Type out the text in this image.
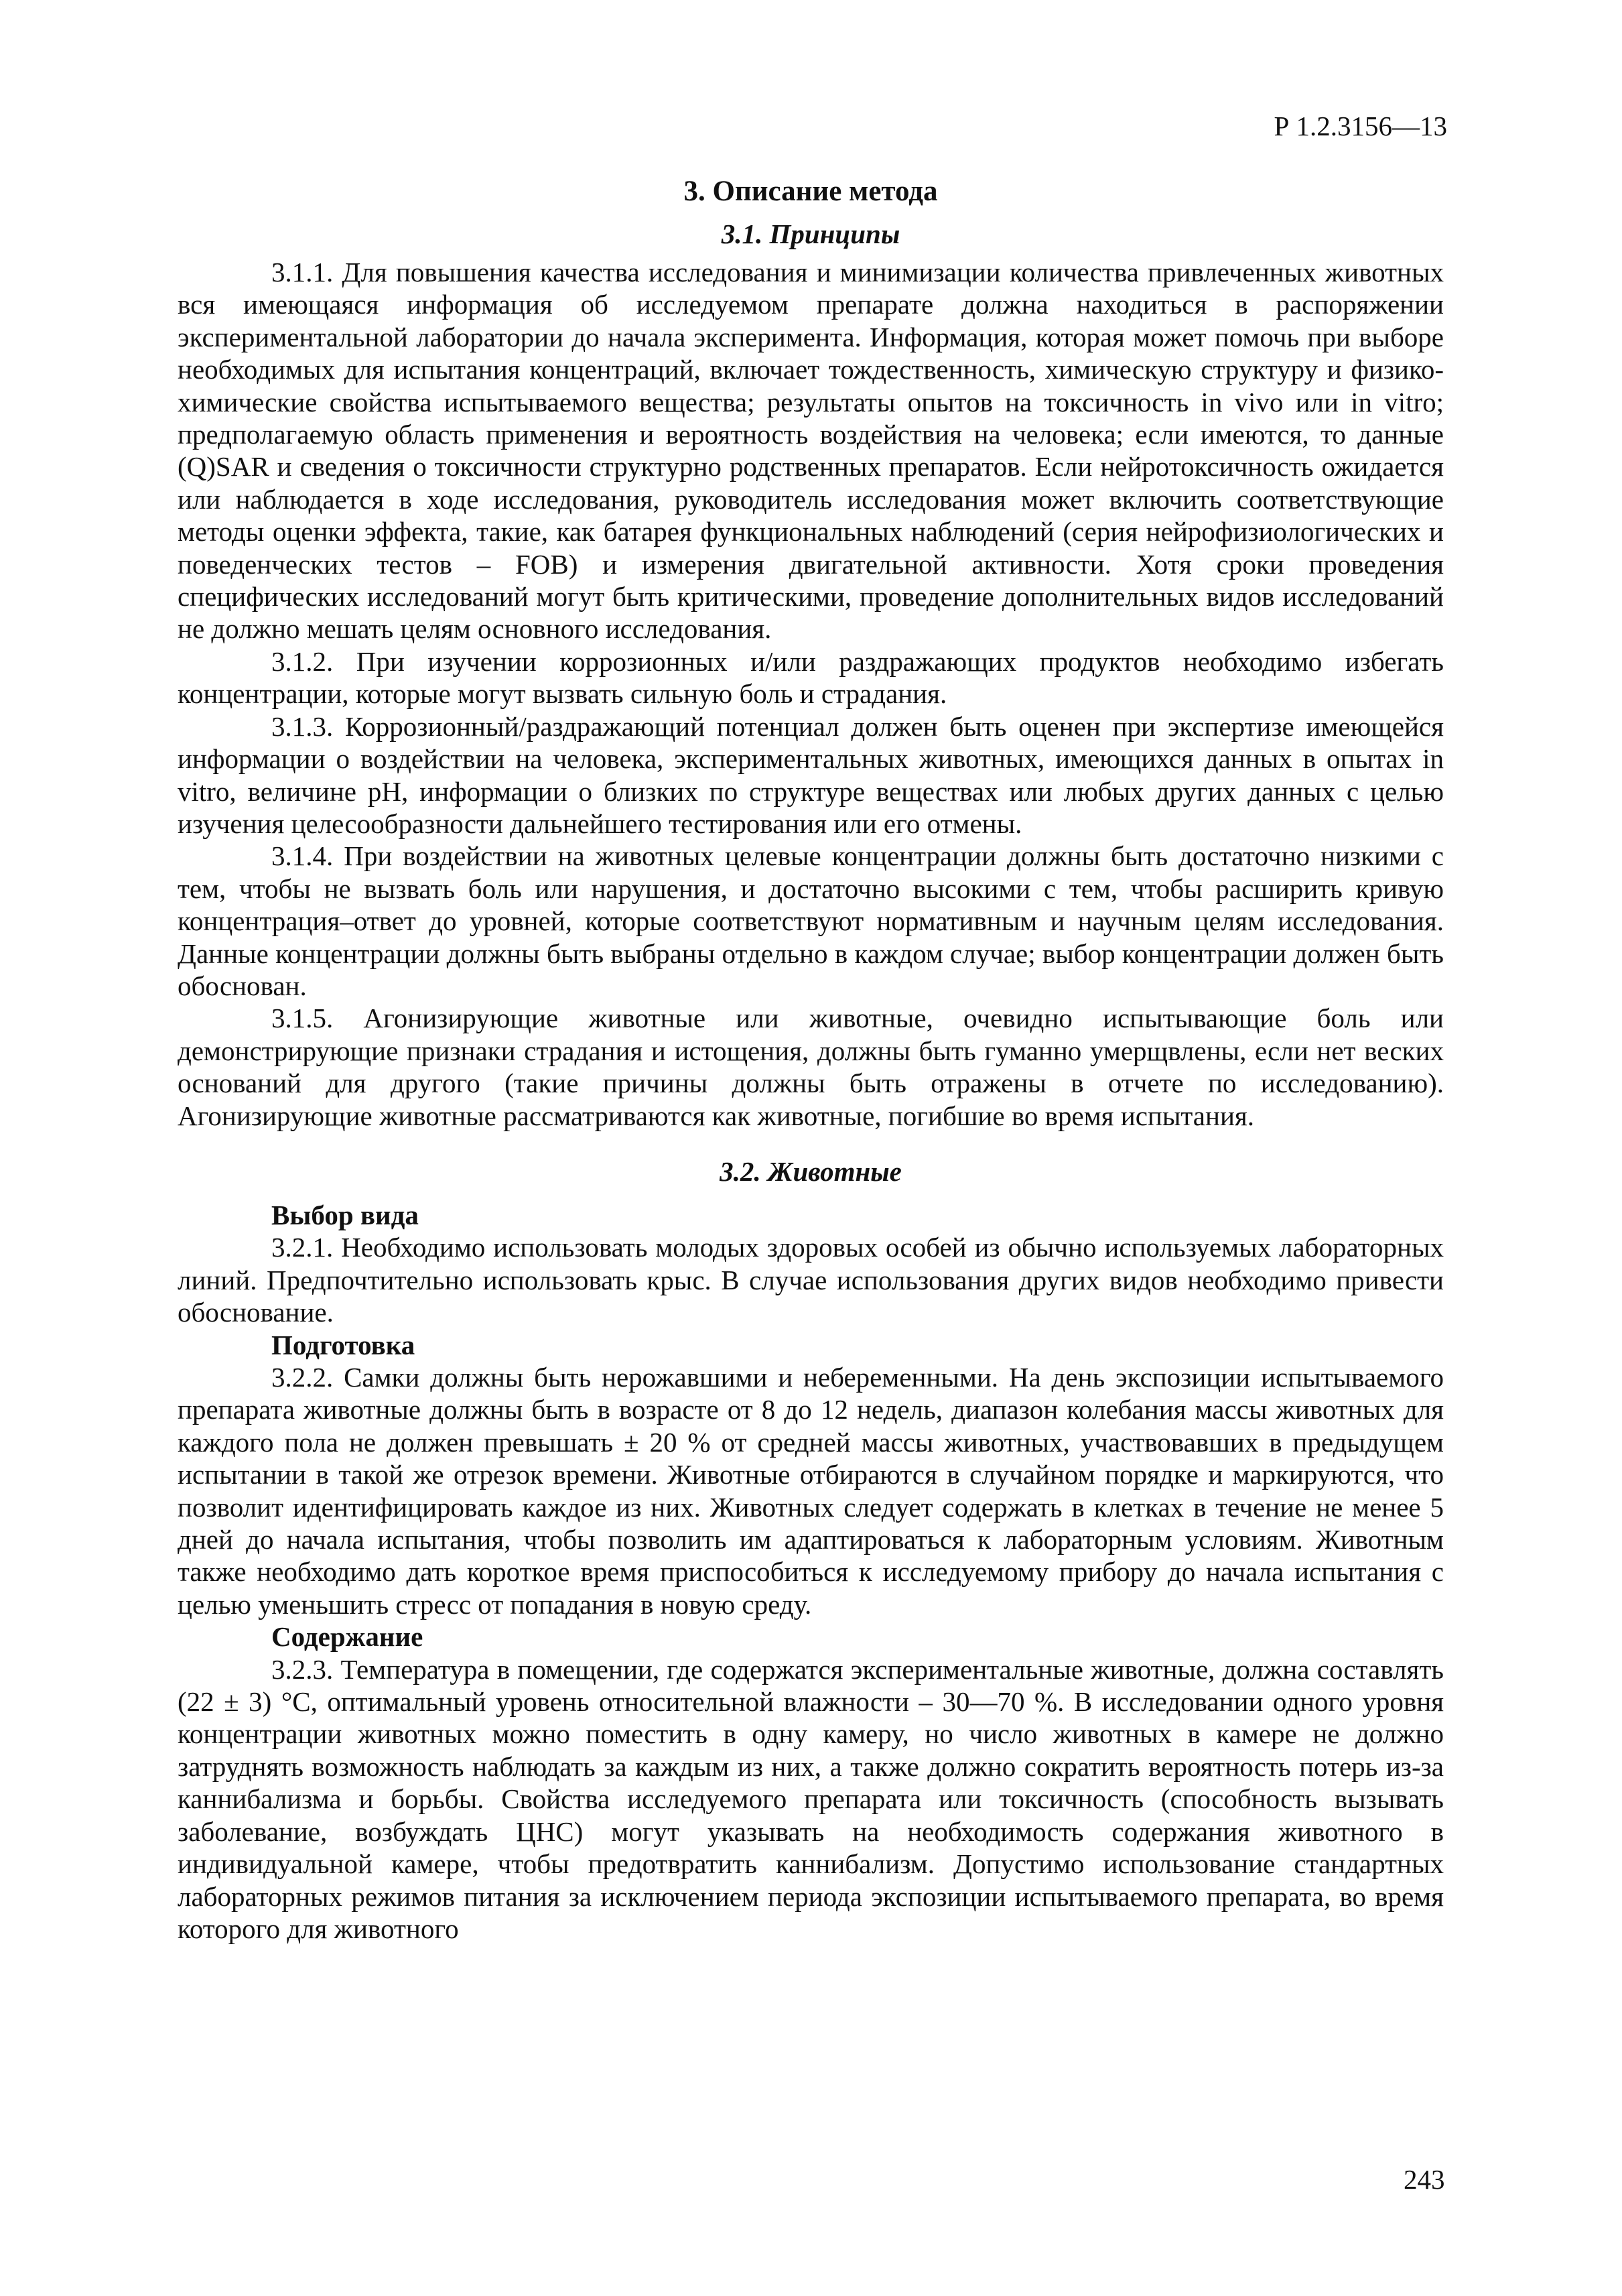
Р 1.2.3156—13
3. Описание метода
3.1. Принципы

3.1.1. Для повышения качества исследования и минимизации количества привлеченных животных вся имеющаяся информация об исследуемом препарате должна находиться в распоряжении экспериментальной лаборатории до начала эксперимента. Информация, которая может помочь при выборе необходимых для испытания концентраций, включает тождественность, химическую структуру и физико-химические свойства испытываемого вещества; результаты опытов на токсичность in vivo или in vitro; предполагаемую область применения и вероятность воздействия на человека; если имеются, то данные (Q)SAR и сведения о токсичности структурно родственных препаратов. Если нейротоксичность ожидается или наблюдается в ходе исследования, руководитель исследования может включить соответствующие методы оценки эффекта, такие, как батарея функциональных наблюдений (серия нейрофизиологических и поведенческих тестов – FOB) и измерения двигательной активности. Хотя сроки проведения специфических исследований могут быть критическими, проведение дополнительных видов исследований не должно мешать целям основного исследования.

3.1.2. При изучении коррозионных и/или раздражающих продуктов необходимо избегать концентрации, которые могут вызвать сильную боль и страдания.

3.1.3. Коррозионный/раздражающий потенциал должен быть оценен при экспертизе имеющейся информации о воздействии на человека, экспериментальных животных, имеющихся данных в опытах in vitro, величине pH, информации о близких по структуре веществах или любых других данных с целью изучения целесообразности дальнейшего тестирования или его отмены.

3.1.4. При воздействии на животных целевые концентрации должны быть достаточно низкими с тем, чтобы не вызвать боль или нарушения, и достаточно высокими с тем, чтобы расширить кривую концентрация–ответ до уровней, которые соответствуют нормативным и научным целям исследования. Данные концентрации должны быть выбраны отдельно в каждом случае; выбор концентрации должен быть обоснован.

3.1.5. Агонизирующие животные или животные, очевидно испытывающие боль или демонстрирующие признаки страдания и истощения, должны быть гуманно умерщвлены, если нет веских оснований для другого (такие причины должны быть отражены в отчете по исследованию). Агонизирующие животные рассматриваются как животные, погибшие во время испытания.

3.2. Животные
Выбор вида

3.2.1. Необходимо использовать молодых здоровых особей из обычно используемых лабораторных линий. Предпочтительно использовать крыс. В случае использования других видов необходимо привести обоснование.

Подготовка

3.2.2. Самки должны быть нерожавшими и небеременными. На день экспозиции испытываемого препарата животные должны быть в возрасте от 8 до 12 недель, диапазон колебания массы животных для каждого пола не должен превышать ± 20 % от средней массы животных, участвовавших в предыдущем испытании в такой же отрезок времени. Животные отбираются в случайном порядке и маркируются, что позволит идентифицировать каждое из них. Животных следует содержать в клетках в течение не менее 5 дней до начала испытания, чтобы позволить им адаптироваться к лабораторным условиям. Животным также необходимо дать короткое время приспособиться к исследуемому прибору до начала испытания с целью уменьшить стресс от попадания в новую среду.

Содержание

3.2.3. Температура в помещении, где содержатся экспериментальные животные, должна составлять (22 ± 3) °С, оптимальный уровень относительной влажности – 30—70 %. В исследовании одного уровня концентрации животных можно поместить в одну камеру, но число животных в камере не должно затруднять возможность наблюдать за каждым из них, а также должно сократить вероятность потерь из-за каннибализма и борьбы. Свойства исследуемого препарата или токсичность (способность вызывать заболевание, возбуждать ЦНС) могут указывать на необходимость содержания животного в индивидуальной камере, чтобы предотвратить каннибализм. Допустимо использование стандартных лабораторных режимов питания за исключением периода экспозиции испытываемого препарата, во время которого для животного

243
